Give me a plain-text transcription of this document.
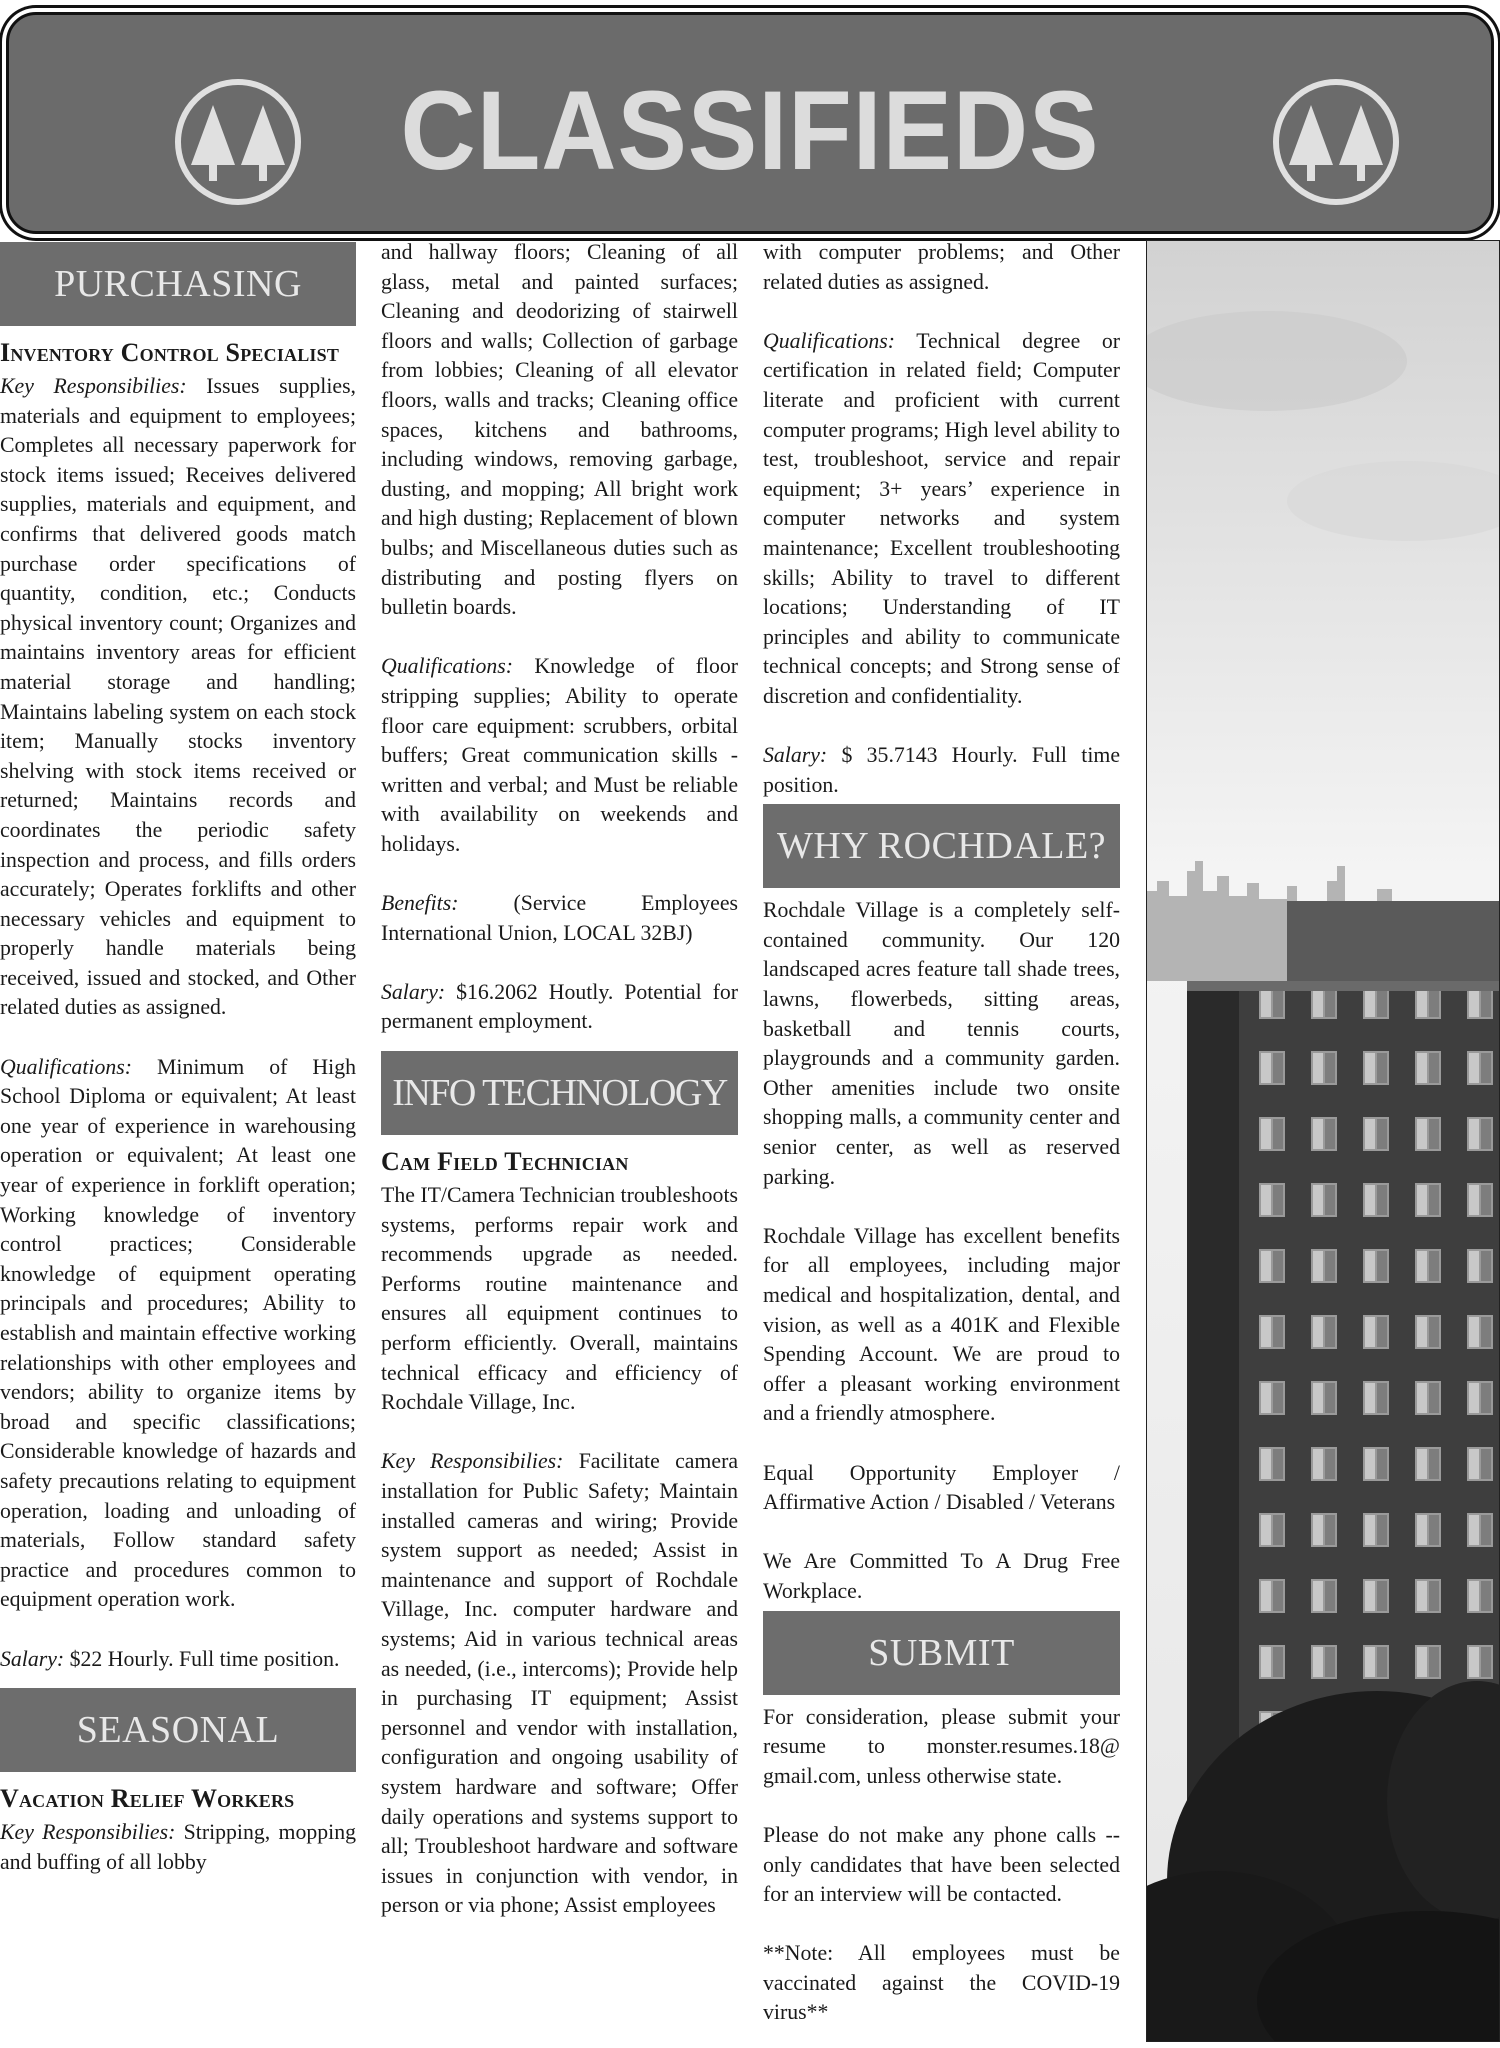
CLASSIFIEDS
PURCHASING
Inventory Control Specialist

Key Responsibilies: Issues supplies, materials and equipment to employees; Completes all necessary paperwork for stock items issued; Receives delivered supplies, materials and equipment, and confirms that delivered goods match purchase order specifications of quantity, condition, etc.; Conducts physical inventory count; Organizes and maintains inventory areas for efficient material storage and handling; Maintains labeling system on each stock item; Manually stocks inventory shelving with stock items received or returned; Maintains records and coordinates the periodic safety inspection and process, and fills orders accurately; Operates forklifts and other necessary vehicles and equipment to properly handle materials being received, issued and stocked, and Other related duties as assigned.

Qualifications: Minimum of High School Diploma or equivalent; At least one year of experience in warehousing operation or equivalent; At least one year of experience in forklift operation; Working knowledge of inventory control practices; Considerable knowledge of equipment operating principals and procedures; Ability to establish and maintain effective working relationships with other employees and vendors; ability to organize items by broad and specific classifications; Considerable knowledge of hazards and safety precautions relating to equipment operation, loading and unloading of materials, Follow standard safety practice and procedures common to equipment operation work.

Salary: $22 Hourly. Full time position.

SEASONAL
Vacation Relief Workers

Key Responsibilies: Stripping, mopping and buffing of all lobby

and hallway floors; Cleaning of all glass, metal and painted surfaces; Cleaning and deodorizing of stairwell floors and walls; Collection of garbage from lobbies; Cleaning of all elevator floors, walls and tracks; Cleaning office spaces, kitchens and bathrooms, including windows, removing garbage, dusting, and mopping; All bright work and high dusting; Replacement of blown bulbs; and Miscellaneous duties such as distributing and posting flyers on bulletin boards.

Qualifications: Knowledge of floor stripping supplies; Ability to operate floor care equipment: scrubbers, orbital buffers; Great communication skills - written and verbal; and Must be reliable with availability on weekends and holidays.

Benefits:	(Service Employees International Union, LOCAL 32BJ)

Salary: $16.2062 Houtly. Potential for permanent employment.

INFO TECHNOLOGY
Cam Field Technician

The IT/Camera Technician troubleshoots systems, performs repair work and recommends upgrade as needed. Performs routine maintenance and ensures all equipment continues to perform efficiently. Overall, maintains technical efficacy and efficiency of Rochdale Village, Inc.

Key Responsibilies: Facilitate camera installation for Public Safety; Maintain installed cameras and wiring; Provide system support as needed; Assist in maintenance and support of Rochdale Village, Inc. computer hardware and systems; Aid in various technical areas as needed, (i.e., intercoms); Provide help in purchasing IT equipment; Assist personnel and vendor with installation, configuration and ongoing usability of system hardware and software; Offer daily operations and systems support to all; Troubleshoot hardware and software issues in conjunction with vendor, in person or via phone; Assist employees

with computer problems; and Other related duties as assigned.

Qualifications: Technical degree or certification in related field; Computer literate and proficient with current computer programs; High level ability to test, troubleshoot, service and repair equipment; 3+ years’ experience in computer networks and system maintenance; Excellent troubleshooting skills; Ability to travel to different locations; Understanding of IT principles and ability to communicate technical concepts; and Strong sense of discretion and confidentiality.

Salary: $ 35.7143 Hourly. Full time position.

WHY ROCHDALE?

Rochdale Village is a completely self-contained community. Our 120 landscaped acres feature tall shade trees, lawns, flowerbeds, sitting areas, basketball and tennis courts, playgrounds and a community garden. Other amenities include two onsite shopping malls, a community center and senior center, as well as reserved parking.

Rochdale Village has excellent benefits for all employees, including major medical and hospitalization, dental, and vision, as well as a 401K and Flexible Spending Account. We are proud to offer a pleasant working environment and a friendly atmosphere.

Equal Opportunity Employer / Affirmative Action / Disabled / Veterans

We Are Committed To A Drug Free Workplace.

SUBMIT

For consideration, please submit your resume to monster.resumes.18@ gmail.com, unless otherwise state.

Please do not make any phone calls -- only candidates that have been selected for an interview will be contacted.

**Note: All employees must be vaccinated against the COVID-19 virus**
